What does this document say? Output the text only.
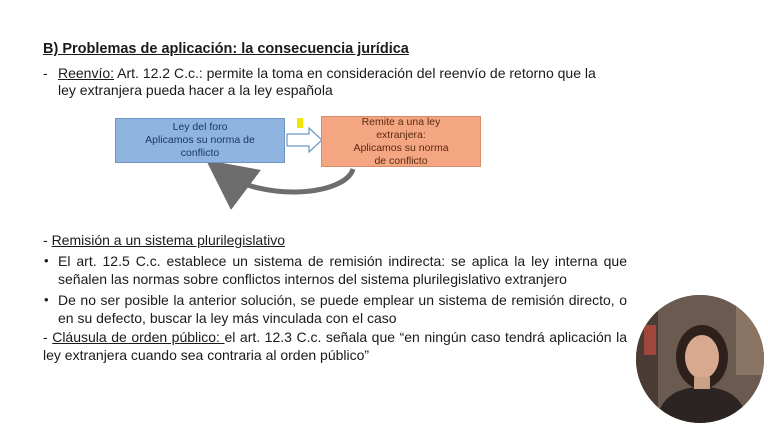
B) Problemas de aplicación: la consecuencia jurídica
- Reenvío: Art. 12.2 C.c.: permite la toma en consideración del reenvío de retorno que la
ley extranjera pueda hacer a la ley española
Ley del foro
Aplicamos su norma de
conflicto
Remite a una ley
extranjera:
Aplicamos su norma
de conflicto
- Remisión a un sistema plurilegislativo
• El art. 12.5 C.c. establece un sistema de remisión indirecta: se aplica la ley interna que señalen las normas sobre conflictos internos del sistema plurilegislativo extranjero
• De no ser posible la anterior solución, se puede emplear un sistema de remisión directo, o en su defecto, buscar la ley más vinculada con el caso
- Cláusula de orden público: el art. 12.3 C.c. señala que “en ningún caso tendrá aplicación la ley extranjera cuando sea contraria al orden público”
